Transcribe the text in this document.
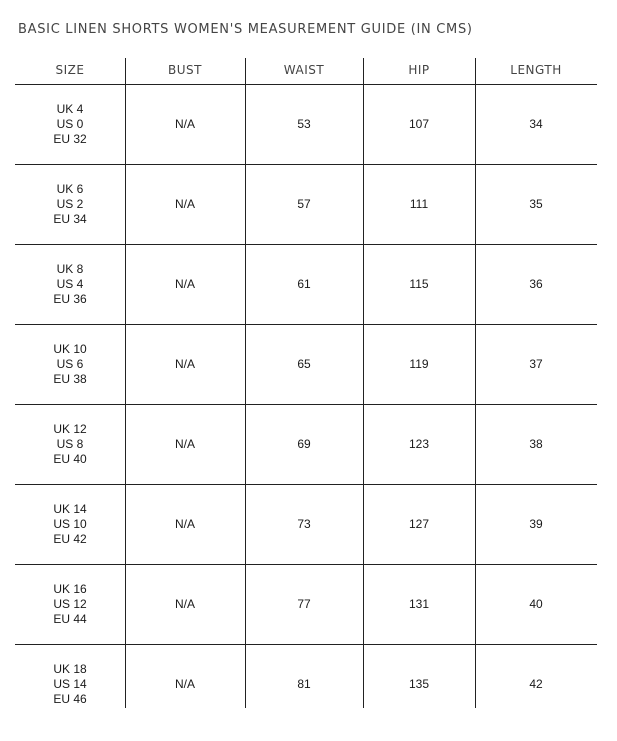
BASIC LINEN SHORTS WOMEN'S MEASUREMENT GUIDE (IN CMS)
SIZE	BUST	WAIST	HIP	LENGTH
UK 4
US 0
EU 32
N/A	53	107	34
UK 6
US 2
EU 34
N/A	57	111	35
UK 8
US 4
EU 36
N/A	61	115	36
UK 10
US 6
EU 38
N/A	65	119	37
UK 12
US 8
EU 40
N/A	69	123	38
UK 14
US 10
EU 42
N/A	73	127	39
UK 16
US 12
EU 44
N/A	77	131	40
UK 18
US 14
EU 46
N/A	81	135	42
